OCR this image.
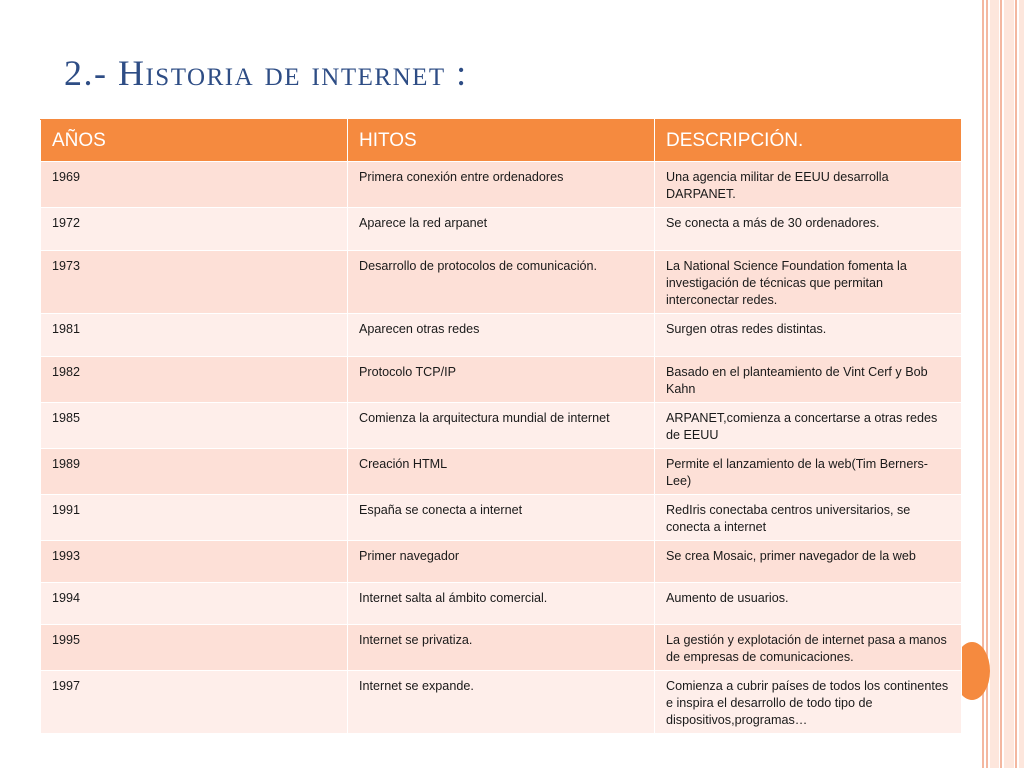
2.- Historia de internet :
AÑOS	HITOS	DESCRIPCIÓN.
1969	Primera conexión entre ordenadores	Una agencia militar de EEUU desarrolla DARPANET.
1972	Aparece la red arpanet	Se conecta a más de 30 ordenadores.
1973	Desarrollo de protocolos de comunicación.	La National Science Foundation fomenta la investigación de técnicas que permitan interconectar redes.
1981	Aparecen otras redes	Surgen otras redes distintas.
1982	Protocolo TCP/IP	Basado en el planteamiento de Vint Cerf y Bob Kahn
1985	Comienza la arquitectura mundial de internet	ARPANET,comienza a concertarse a otras redes de EEUU
1989	Creación HTML	Permite el lanzamiento de la web(Tim Berners-Lee)
1991	España se conecta a internet	RedIris conectaba centros universitarios, se conecta a internet
1993	Primer navegador	Se crea Mosaic, primer navegador de la web
1994	Internet salta al ámbito comercial.	Aumento de usuarios.
1995	Internet se privatiza.	La gestión y explotación de internet pasa a manos de empresas de comunicaciones.
1997	Internet se expande.	Comienza a cubrir países de todos los continentes e inspira el desarrollo de todo tipo de dispositivos,programas…
